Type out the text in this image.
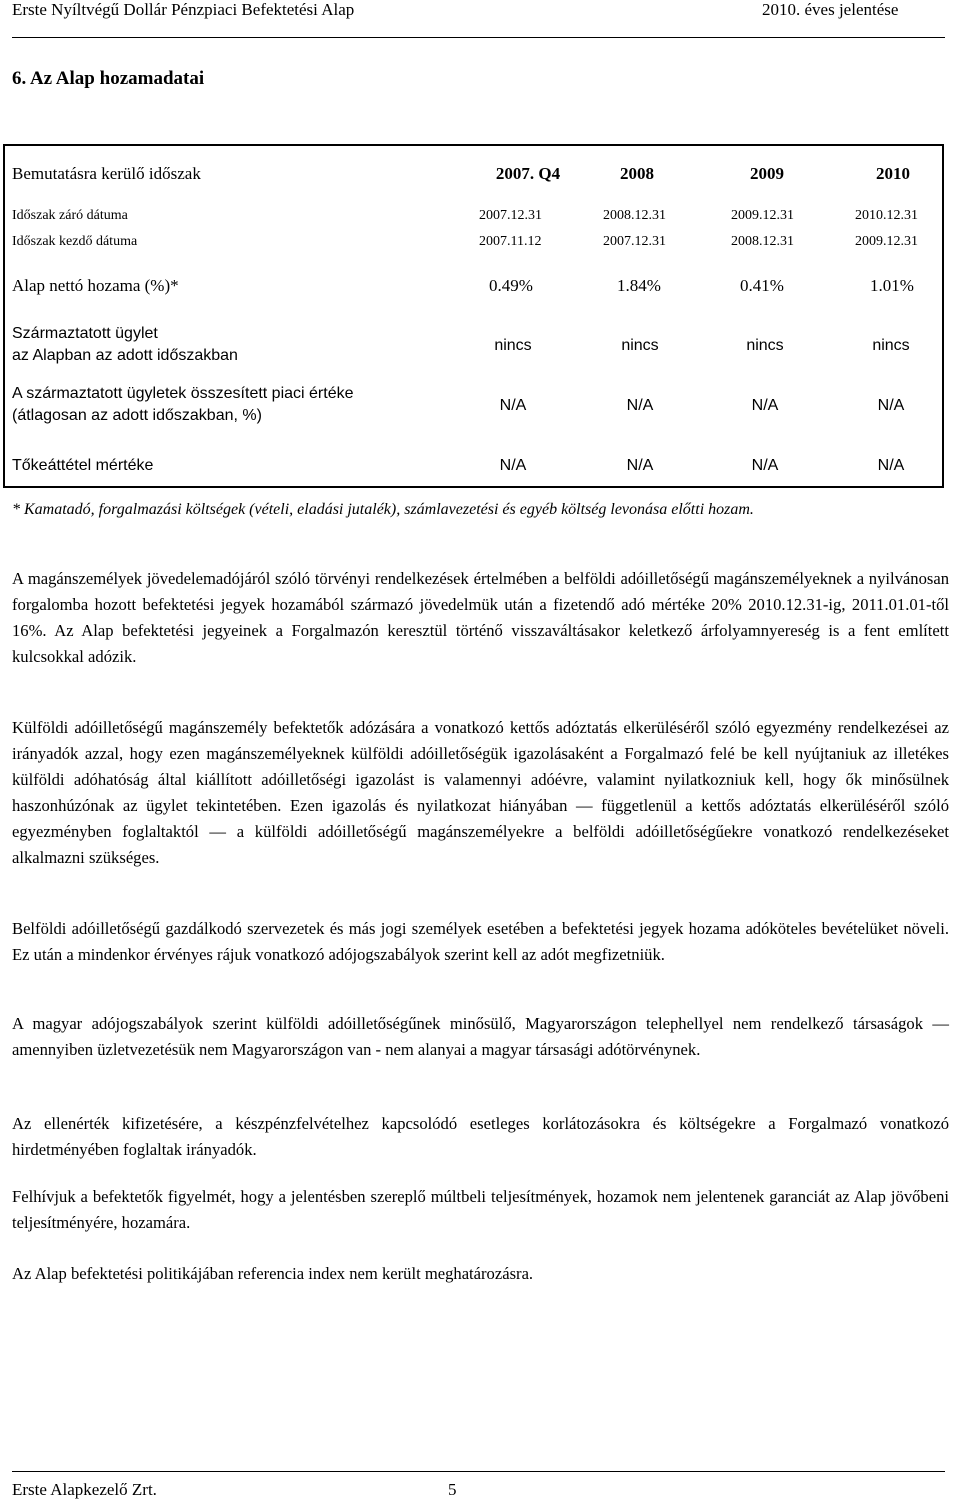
Erste Nyíltvégű Dollár Pénzpiaci Befektetési Alap	2010. éves jelentése
6. Az Alap hozamadatai
Bemutatásra kerülő időszak	2007. Q4	2008	2009	2010
Időszak záró dátuma	2007.12.31	2008.12.31	2009.12.31	2010.12.31
Időszak kezdő dátuma	2007.11.12	2007.12.31	2008.12.31	2009.12.31
Alap nettó hozama (%)*	0.49%	1.84%	0.41%	1.01%
Származtatott ügylet
az Alapban az adott időszakban
nincs	nincs	nincs	nincs
A származtatott ügyletek összesített piaci értéke
(átlagosan az adott időszakban, %)
N/A	N/A	N/A	N/A
Tőkeáttétel mértéke	N/A	N/A	N/A	N/A
* Kamatadó, forgalmazási költségek (vételi, eladási jutalék), számlavezetési és egyéb költség levonása előtti hozam.
A magánszemélyek jövedelemadójáról szóló törvényi rendelkezések értelmében a belföldi adóilletőségű magánszemélyeknek a nyilvánosan forgalomba hozott befektetési jegyek hozamából származó jövedelmük után a fizetendő adó mértéke 20% 2010.12.31-ig, 2011.01.01-től 16%. Az Alap befektetési jegyeinek a Forgalmazón keresztül történő visszaváltásakor keletkező árfolyamnyereség is a fent említett kulcsokkal adózik.
Külföldi adóilletőségű magánszemély befektetők adózására a vonatkozó kettős adóztatás elkerüléséről szóló egyezmény rendelkezései az irányadók azzal, hogy ezen magánszemélyeknek külföldi adóilletőségük igazolásaként a Forgalmazó felé be kell nyújtaniuk az illetékes külföldi adóhatóság által kiállított adóilletőségi igazolást is valamennyi adóévre, valamint nyilatkozniuk kell, hogy ők minősülnek haszonhúzónak az ügylet tekintetében. Ezen igazolás és nyilatkozat hiányában — függetlenül a kettős adóztatás elkerüléséről szóló egyezményben foglaltaktól — a külföldi adóilletőségű magánszemélyekre a belföldi adóilletőségűekre vonatkozó rendelkezéseket alkalmazni szükséges.
Belföldi adóilletőségű gazdálkodó szervezetek és más jogi személyek esetében a befektetési jegyek hozama adóköteles bevételüket növeli. Ez után a mindenkor érvényes rájuk vonatkozó adójogszabályok szerint kell az adót megfizetniük.
A magyar adójogszabályok szerint külföldi adóilletőségűnek minősülő, Magyarországon telephellyel nem rendelkező társaságok — amennyiben üzletvezetésük nem Magyarországon van - nem alanyai a magyar társasági adótörvénynek.
Az ellenérték kifizetésére, a készpénzfelvételhez kapcsolódó esetleges korlátozásokra és költségekre a Forgalmazó vonatkozó hirdetményében foglaltak irányadók.
Felhívjuk a befektetők figyelmét, hogy a jelentésben szereplő múltbeli teljesítmények, hozamok nem jelentenek garanciát az Alap jövőbeni teljesítményére, hozamára.
Az Alap befektetési politikájában referencia index nem került meghatározásra.
Erste Alapkezelő Zrt.	5
